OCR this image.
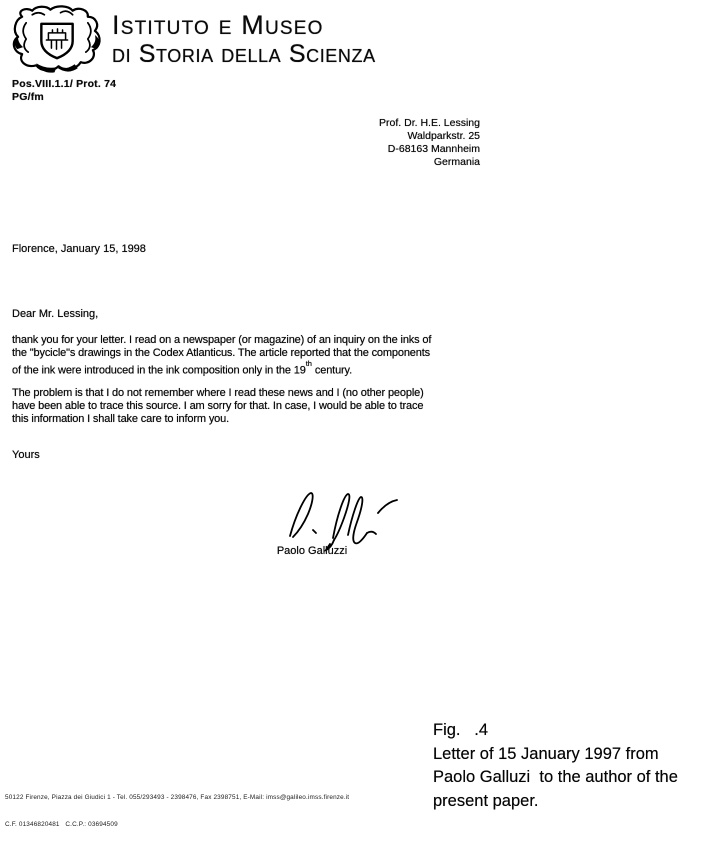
Istituto e Museo
di Storia della Scienza
Pos.VIII.1.1/ Prot. 74
PG/fm
Prof. Dr. H.E. Lessing
Waldparkstr. 25
D-68163 Mannheim
Germania
Florence, January 15, 1998
Dear Mr. Lessing,
thank you for your letter. I read on a newspaper (or magazine) of an inquiry on the inks of
the "bycicle"s drawings in the Codex Atlanticus. The article reported that the components
of the ink were introduced in the ink composition only in the 19th century.
The problem is that I do not remember where I read these news and I (no other people)
have been able to trace this source. I am sorry for that. In case, I would be able to trace
this information I shall take care to inform you.
Yours
Paolo Galluzzi

50122 Firenze, Piazza dei Giudici 1 - Tel. 055/293493 - 2398476, Fax 2398751, E-Mail: imss@galileo.imss.firenze.it

C.F. 01346820481   C.C.P.: 03694509

Fig.   .4
Letter of 15 January 1997 from
Paolo Galluzi  to the author of the
present paper.
